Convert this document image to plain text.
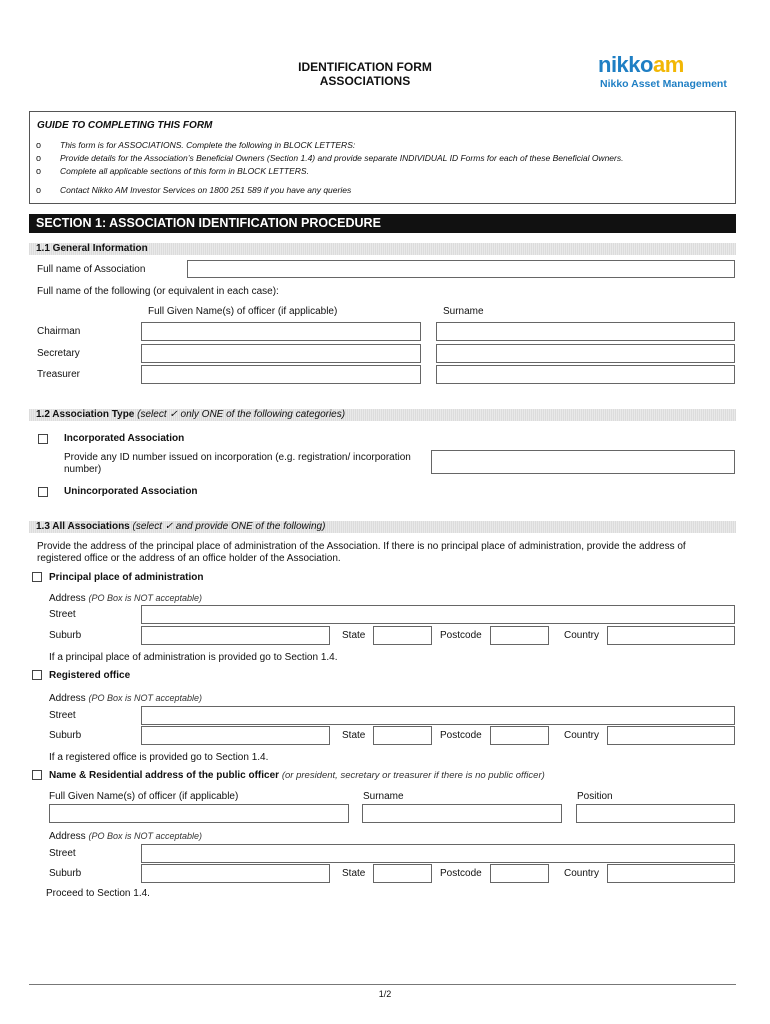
IDENTIFICATION FORM
ASSOCIATIONS
nikkoam
Nikko Asset Management
GUIDE TO COMPLETING THIS FORM
o This form is for ASSOCIATIONS. Complete the following in BLOCK LETTERS:
o Provide details for the Association’s Beneficial Owners (Section 1.4) and provide separate INDIVIDUAL ID Forms for each of these Beneficial Owners.
o Complete all applicable sections of this form in BLOCK LETTERS.
o Contact Nikko AM Investor Services on 1800 251 589 if you have any queries
SECTION 1: ASSOCIATION IDENTIFICATION PROCEDURE
1.1 General Information
Full name of Association
Full name of the following (or equivalent in each case):
Full Given Name(s) of officer (if applicable)	Surname
Chairman
Secretary
Treasurer
1.2 Association Type (select ✓ only ONE of the following categories)
Incorporated Association
Provide any ID number issued on incorporation (e.g. registration/ incorporation number)
Unincorporated Association
1.3 All Associations (select ✓ and provide ONE of the following)
Provide the address of the principal place of administration of the Association. If there is no principal place of administration, provide the address of registered office or the address of an office holder of the Association.
Principal place of administration
Address (PO Box is NOT acceptable)
Street
Suburb	State	Postcode	Country
If a principal place of administration is provided go to Section 1.4.
Registered office
Address (PO Box is NOT acceptable)
Street
Suburb	State	Postcode	Country
If a registered office is provided go to Section 1.4.
Name & Residential address of the public officer (or president, secretary or treasurer if there is no public officer)
Full Given Name(s) of officer (if applicable)	Surname	Position
Address (PO Box is NOT acceptable)
Street
Suburb	State	Postcode	Country
Proceed to Section 1.4.
1/2
